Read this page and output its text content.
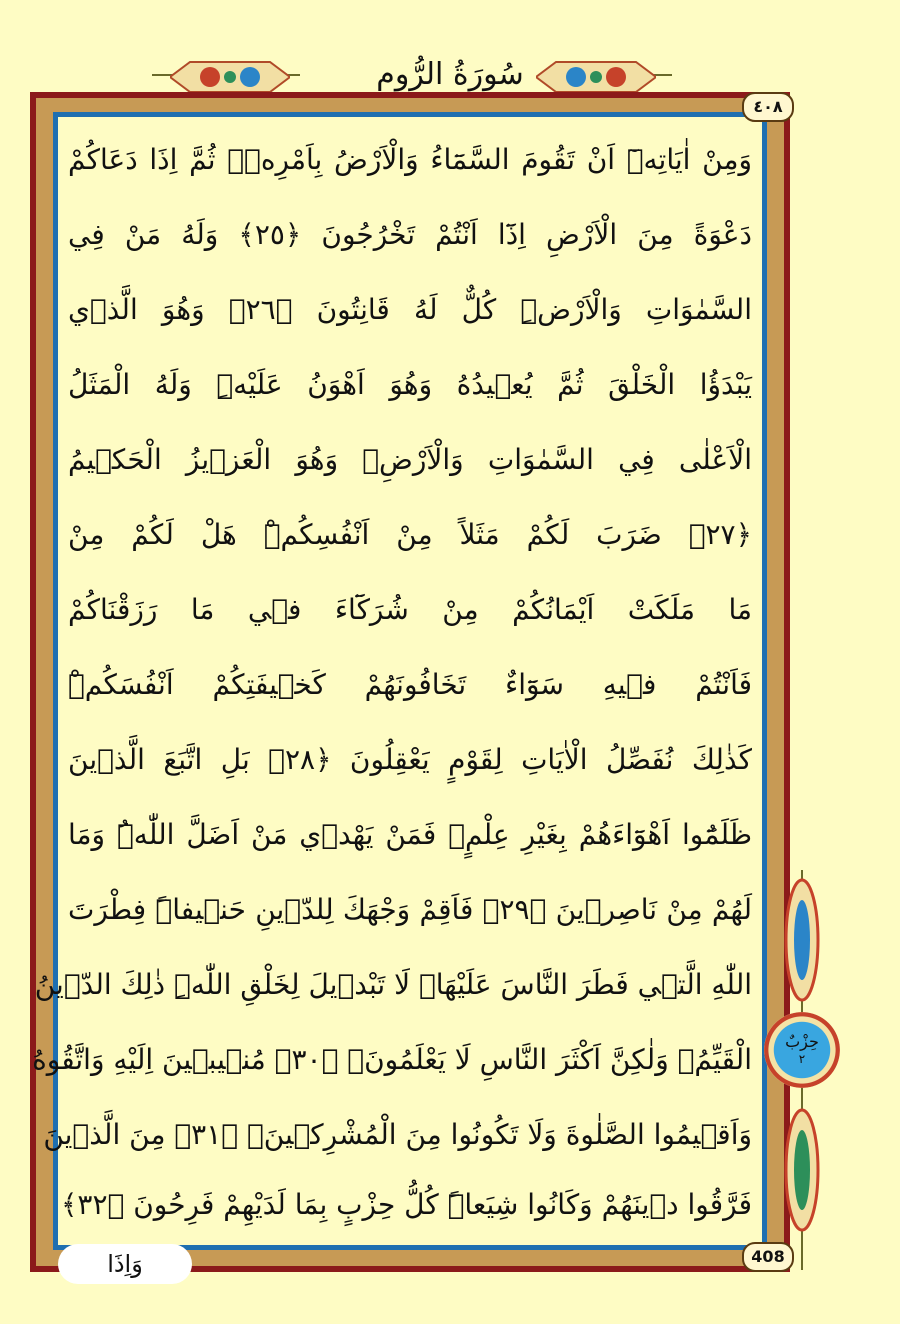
سُورَةُ الرُّومِ
٤٠٨
وَمِنْ اٰيَاتِه۪ٓ اَنْ تَقُومَ السَّمَٓاءُ وَالْاَرْضُ بِاَمْرِه۪ۜ ثُمَّ اِذَا دَعَاكُمْ
دَعْوَةً مِنَ الْاَرْضِ اِذَٓا اَنْتُمْ تَخْرُجُونَ ﴿٢٥﴾ وَلَهُ مَنْ فِي
السَّمٰوَاتِ وَالْاَرْضِۜ كُلٌّ لَهُ قَانِتُونَ ﴿٢٦﴾ وَهُوَ الَّذ۪ي
يَبْدَؤُا الْخَلْقَ ثُمَّ يُع۪يدُهُ وَهُوَ اَهْوَنُ عَلَيْهِۜ وَلَهُ الْمَثَلُ
الْاَعْلٰى فِي السَّمٰوَاتِ وَالْاَرْضِۚ وَهُوَ الْعَز۪يزُ الْحَك۪يمُ
﴿٢٧﴾ ضَرَبَ لَكُمْ مَثَلاً مِنْ اَنْفُسِكُمْۜ هَلْ لَكُمْ مِنْ
مَا مَلَكَتْ اَيْمَانُكُمْ مِنْ شُرَكَٓاءَ ف۪ي مَا رَزَقْنَاكُمْ
فَاَنْتُمْ ف۪يهِ سَوَٓاءٌ تَخَافُونَهُمْ كَخ۪يفَتِكُمْ اَنْفُسَكُمْۜ
كَذٰلِكَ نُفَصِّلُ الْاٰيَاتِ لِقَوْمٍ يَعْقِلُونَ ﴿٢٨﴾ بَلِ اتَّبَعَ الَّذ۪ينَ
ظَلَمُٓوا اَهْوَٓاءَهُمْ بِغَيْرِ عِلْمٍۚ فَمَنْ يَهْد۪ي مَنْ اَضَلَّ اللّٰهُۜ وَمَا
لَهُمْ مِنْ نَاصِر۪ينَ ﴿٢٩﴾ فَاَقِمْ وَجْهَكَ لِلدّ۪ينِ حَن۪يفاًۜ فِطْرَتَ
اللّٰهِ الَّت۪ي فَطَرَ النَّاسَ عَلَيْهَاۜ لَا تَبْد۪يلَ لِخَلْقِ اللّٰهِۜ ذٰلِكَ الدّ۪ينُ
الْقَيِّمُۙ وَلٰكِنَّ اَكْثَرَ النَّاسِ لَا يَعْلَمُونَۙ ﴿٣٠﴾ مُن۪يب۪ينَ اِلَيْهِ وَاتَّقُوهُ
وَاَق۪يمُوا الصَّلٰوةَ وَلَا تَكُونُوا مِنَ الْمُشْرِك۪ينَۙ ﴿٣١﴾ مِنَ الَّذ۪ينَ
فَرَّقُوا د۪ينَهُمْ وَكَانُوا شِيَعاًۜ كُلُّ حِزْبٍ بِمَا لَدَيْهِمْ فَرِحُونَ ﴿٣٢﴾
408
وَاِذَا
حِزْبٌ
٢
